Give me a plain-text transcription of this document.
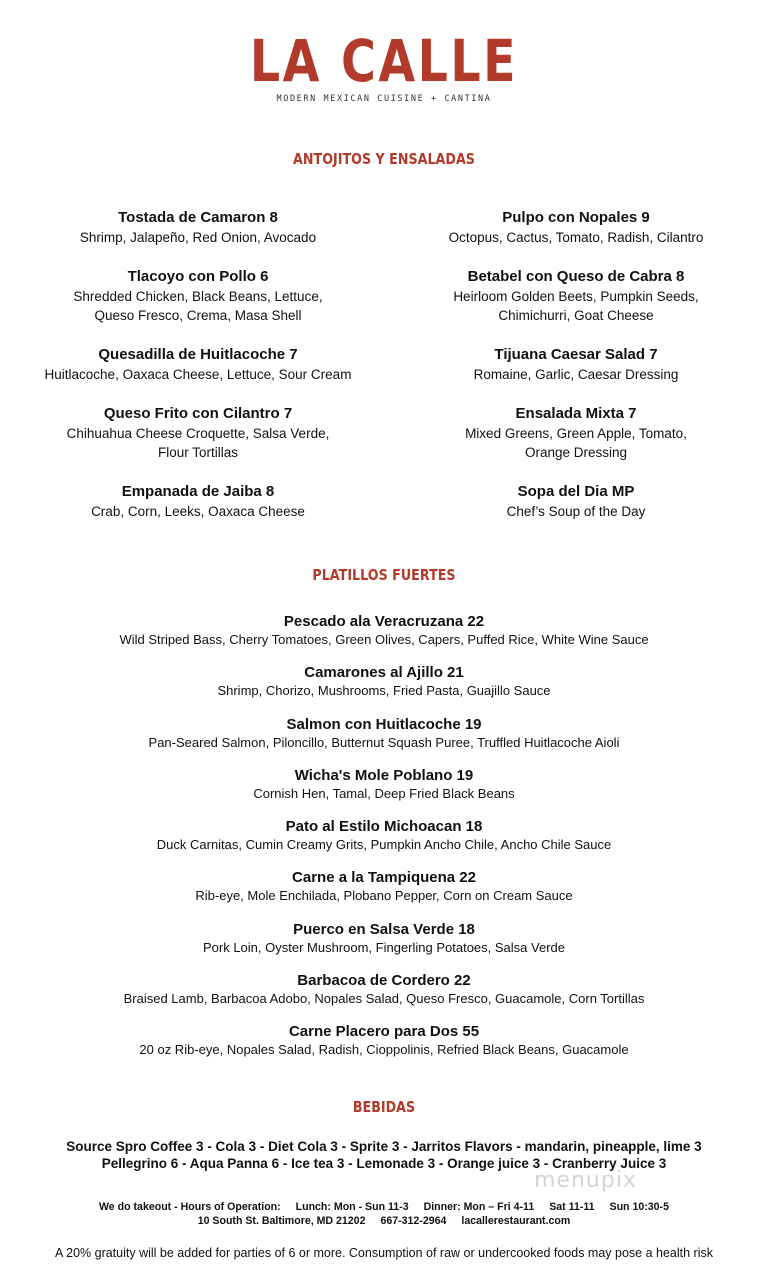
LA CALLE
MODERN MEXICAN CUISINE + CANTINA
ANTOJITOS Y ENSALADAS
Tostada de Camaron 8
Shrimp, Jalapeño, Red Onion, Avocado
Tlacoyo con Pollo 6
Shredded Chicken, Black Beans, Lettuce,
Queso Fresco, Crema, Masa Shell
Quesadilla de Huitlacoche 7
Huitlacoche, Oaxaca Cheese, Lettuce, Sour Cream
Queso Frito con Cilantro 7
Chihuahua Cheese Croquette, Salsa Verde,
Flour Tortillas
Empanada de Jaiba 8
Crab, Corn, Leeks, Oaxaca Cheese
Pulpo con Nopales 9
Octopus, Cactus, Tomato, Radish, Cilantro
Betabel con Queso de Cabra 8
Heirloom Golden Beets, Pumpkin Seeds,
Chimichurri, Goat Cheese
Tijuana Caesar Salad 7
Romaine, Garlic, Caesar Dressing
Ensalada Mixta 7
Mixed Greens, Green Apple, Tomato,
Orange Dressing
Sopa del Dia MP
Chef’s Soup of the Day
PLATILLOS FUERTES
Pescado ala Veracruzana 22
Wild Striped Bass, Cherry Tomatoes, Green Olives, Capers, Puffed Rice, White Wine Sauce
Camarones al Ajillo 21
Shrimp, Chorizo, Mushrooms, Fried Pasta, Guajillo Sauce
Salmon con Huitlacoche 19
Pan-Seared Salmon, Piloncillo, Butternut Squash Puree, Truffled Huitlacoche Aioli
Wicha's Mole Poblano 19
Cornish Hen, Tamal, Deep Fried Black Beans
Pato al Estilo Michoacan 18
Duck Carnitas, Cumin Creamy Grits, Pumpkin Ancho Chile, Ancho Chile Sauce
Carne a la Tampiquena 22
Rib-eye, Mole Enchilada, Plobano Pepper, Corn on Cream Sauce
Puerco en Salsa Verde 18
Pork Loin, Oyster Mushroom, Fingerling Potatoes, Salsa Verde
Barbacoa de Cordero 22
Braised Lamb, Barbacoa Adobo, Nopales Salad, Queso Fresco, Guacamole, Corn Tortillas
Carne Placero para Dos 55
20 oz Rib-eye, Nopales Salad, Radish, Cioppolinis, Refried Black Beans, Guacamole
BEBIDAS
Source Spro Coffee 3 - Cola 3 - Diet Cola 3 - Sprite 3 - Jarritos Flavors - mandarin, pineapple, lime 3
Pellegrino 6 - Aqua Panna 6 - Ice tea 3 - Lemonade 3 - Orange juice 3 - Cranberry Juice 3
menupix
We do takeout - Hours of Operation: Lunch: Mon - Sun 11-3 Dinner: Mon – Fri 4-11 Sat 11-11 Sun 10:30-5
10 South St. Baltimore, MD 21202 667-312-2964 lacallerestaurant.com
A 20% gratuity will be added for parties of 6 or more. Consumption of raw or undercooked foods may pose a health risk
